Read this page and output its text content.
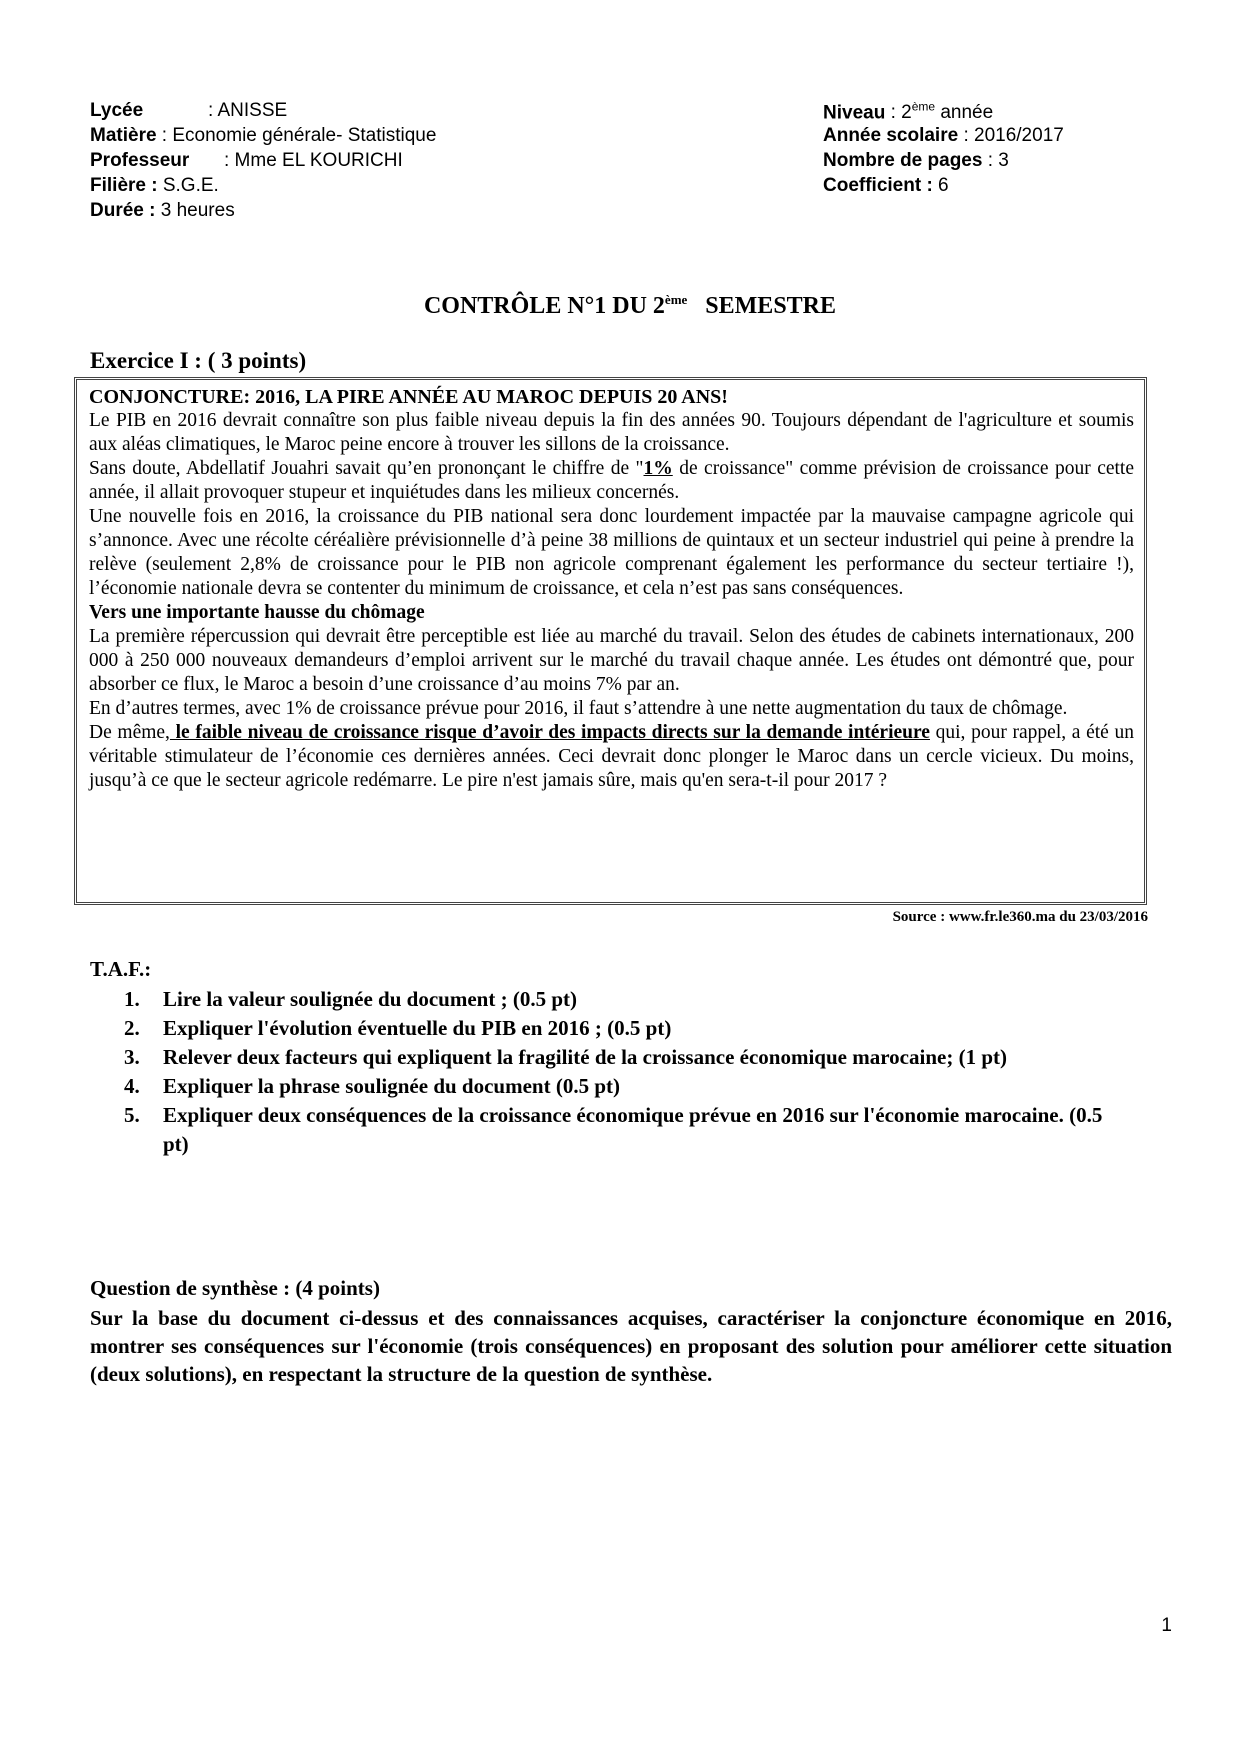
Lycée	: ANISSE
Matière : Economie générale- Statistique
Professeur : Mme EL KOURICHI
Filière : S.G.E.
Durée : 3 heures
Niveau : 2ème année
Année scolaire : 2016/2017
Nombre de pages : 3
Coefficient : 6
CONTRÔLE N°1 DU 2ème   SEMESTRE
Exercice I : ( 3 points)

CONJONCTURE: 2016, LA PIRE ANNÉE AU MAROC DEPUIS 20 ANS!

Le PIB en 2016 devrait connaître son plus faible niveau depuis la fin des années 90. Toujours dépendant de l'agriculture et soumis aux aléas climatiques, le Maroc peine encore à trouver les sillons de la croissance.

Sans doute, Abdellatif Jouahri savait qu’en prononçant le chiffre de "1% de croissance" comme prévision de croissance pour cette année, il allait provoquer stupeur et inquiétudes dans les milieux concernés.

Une nouvelle fois en 2016, la croissance du PIB national sera donc lourdement impactée par la mauvaise campagne agricole qui s’annonce. Avec une récolte céréalière prévisionnelle d’à peine 38 millions de quintaux et un secteur industriel qui peine à prendre la relève (seulement 2,8% de croissance pour le PIB non agricole comprenant également les performance du secteur tertiaire !), l’économie nationale devra se contenter du minimum de croissance, et cela n’est pas sans conséquences.

Vers une importante hausse du chômage

La première répercussion qui devrait être perceptible est liée au marché du travail. Selon des études de cabinets internationaux, 200 000 à 250 000 nouveaux demandeurs d’emploi arrivent sur le marché du travail chaque année. Les études ont démontré que, pour absorber ce flux, le Maroc a besoin d’une croissance d’au moins 7% par an.

En d’autres termes, avec 1% de croissance prévue pour 2016, il faut s’attendre à une nette augmentation du taux de chômage.

De même, le faible niveau de croissance risque d’avoir des impacts directs sur la demande intérieure qui, pour rappel, a été un véritable stimulateur de l’économie ces dernières années. Ceci devrait donc plonger le Maroc dans un cercle vicieux. Du moins, jusqu’à ce que le secteur agricole redémarre. Le pire n'est jamais sûre, mais qu'en sera-t-il pour 2017 ?

Source : www.fr.le360.ma du 23/03/2016
T.A.F.:
1. Lire la valeur soulignée du document ; (0.5 pt)
2. Expliquer l'évolution éventuelle du PIB en 2016 ; (0.5 pt)
3. Relever deux facteurs qui expliquent la fragilité de la croissance économique marocaine; (1 pt)
4. Expliquer la phrase soulignée du document (0.5 pt)
5. Expliquer deux conséquences de la croissance économique prévue en 2016 sur l'économie marocaine. (0.5 pt)
Question de synthèse : (4 points)
Sur la base du document ci-dessus et des connaissances acquises, caractériser la conjoncture économique en 2016, montrer ses conséquences sur l'économie (trois conséquences) en proposant des solution pour améliorer cette situation (deux solutions), en respectant la structure de la question de synthèse.
1
